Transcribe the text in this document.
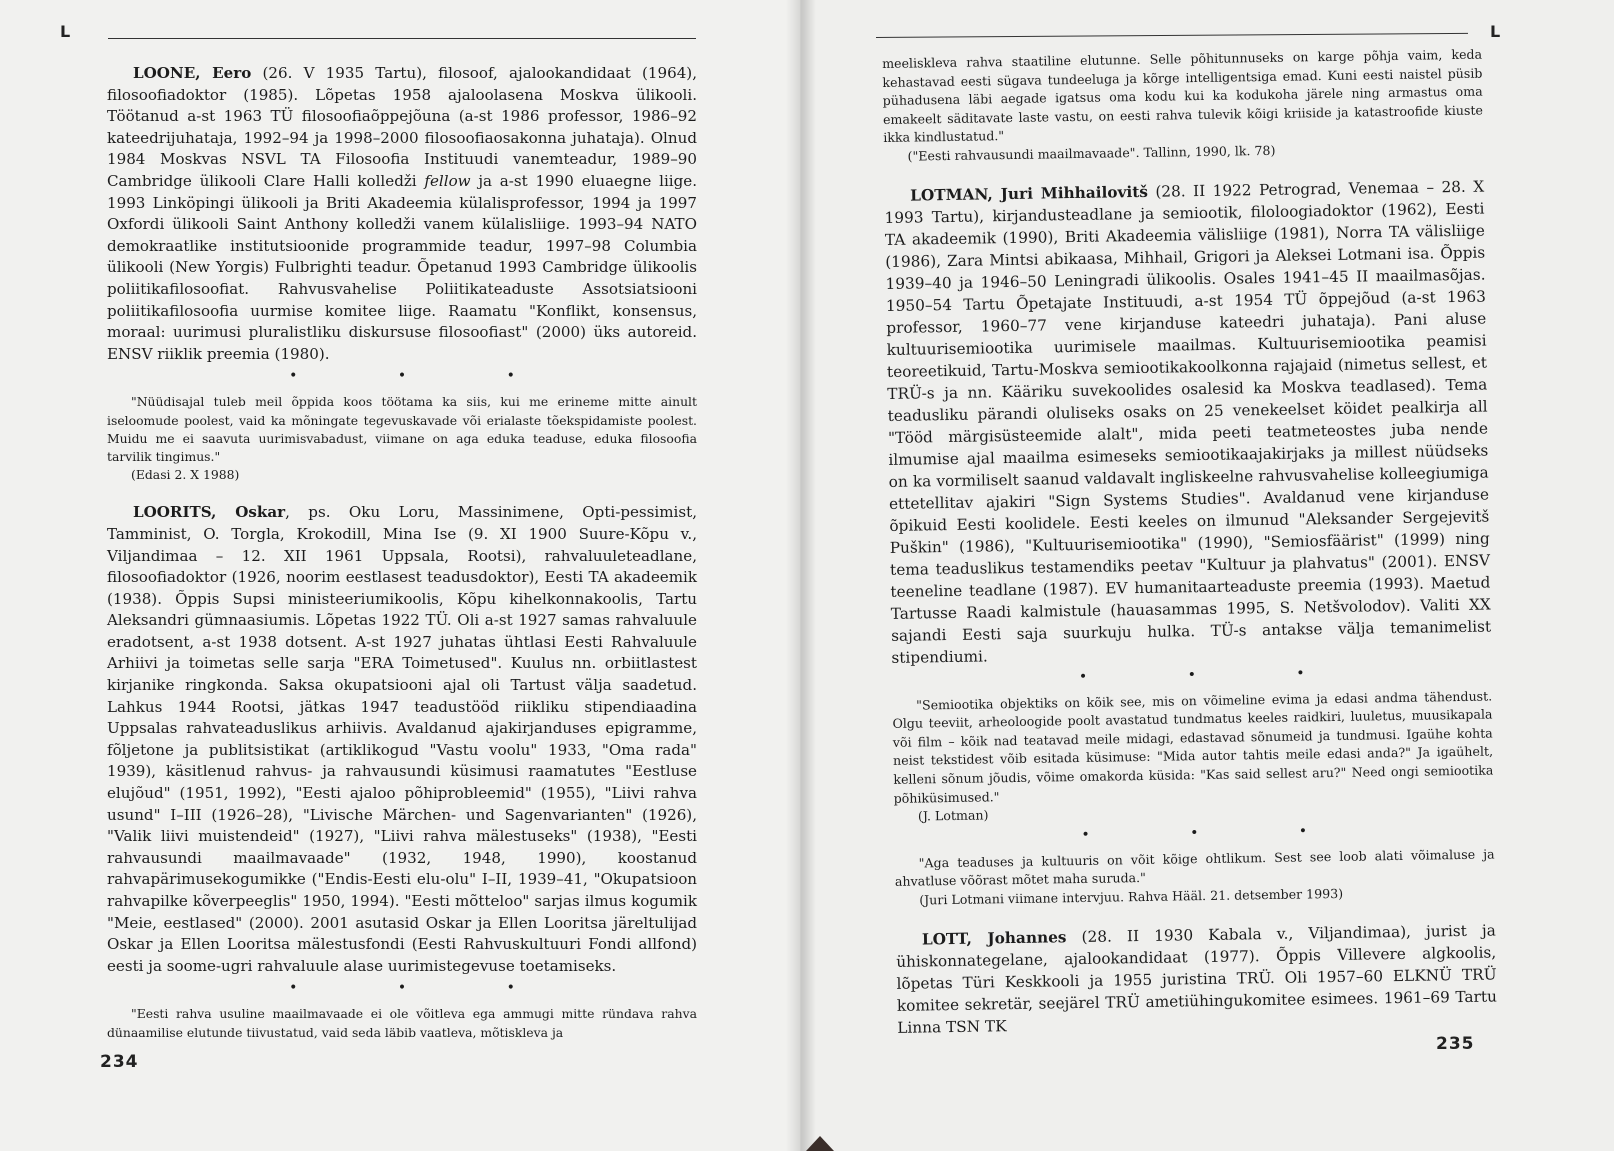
L

LOONE, Eero (26. V 1935 Tartu), filosoof, ajalookandidaat (1964), filosoofiadoktor (1985). Lõpetas 1958 ajaloolasena Moskva ülikooli. Töötanud a-st 1963 TÜ filosoofiaõppejõuna (a-st 1986 professor, 1986–92 kateedrijuhataja, 1992–94 ja 1998–2000 filosoofiaosakonna juhataja). Olnud 1984 Moskvas NSVL TA Filosoofia Instituudi vanemteadur, 1989–90 Cambridge ülikooli Clare Halli kolledži fellow ja a-st 1990 eluaegne liige. 1993 Linköpingi ülikooli ja Briti Akadeemia külalisprofessor, 1994 ja 1997 Oxfordi ülikooli Saint Anthony kolledži vanem külalisliige. 1993–94 NATO demokraatlike institutsioonide programmide teadur, 1997–98 Columbia ülikooli (New Yorgis) Fulbrighti teadur. Õpetanud 1993 Cambridge ülikoolis poliitikafilosoofiat. Rahvusvahelise Poliitikateaduste Assotsiatsiooni poliitikafilosoofia uurmise komitee liige. Raamatu "Konflikt, konsensus, moraal: uurimusi pluralistliku diskursuse filosoofiast" (2000) üks autoreid. ENSV riiklik preemia (1980).

• • •

"Nüüdisajal tuleb meil õppida koos töötama ka siis, kui me erineme mitte ainult iseloomude poolest, vaid ka mõningate tegevuskavade või erialaste tõekspidamiste poolest. Muidu me ei saavuta uurimisvabadust, viimane on aga eduka teaduse, eduka filosoofia tarvilik tingimus."

(Edasi 2. X 1988)

LOORITS, Oskar, ps. Oku Loru, Massinimene, Opti-pessimist, Tamminist, O. Torgla, Krokodill, Mina Ise (9. XI 1900 Suure-Kõpu v., Viljandimaa – 12. XII 1961 Uppsala, Rootsi), rahvaluuleteadlane, filosoofiadoktor (1926, noorim eestlasest teadusdoktor), Eesti TA akadeemik (1938). Õppis Supsi ministeeriumikoolis, Kõpu kihelkonnakoolis, Tartu Aleksandri gümnaasiumis. Lõpetas 1922 TÜ. Oli a-st 1927 samas rahvaluule eradotsent, a-st 1938 dotsent. A-st 1927 juhatas ühtlasi Eesti Rahvaluule Arhiivi ja toimetas selle sarja "ERA Toimetused". Kuulus nn. orbiitlastest kirjanike ringkonda. Saksa okupatsiooni ajal oli Tartust välja saadetud. Lahkus 1944 Rootsi, jätkas 1947 teadustööd riikliku stipendiaadina Uppsalas rahvateaduslikus arhiivis. Avaldanud ajakirjanduses epigramme, fõljetone ja publitsistikat (artiklikogud "Vastu voolu" 1933, "Oma rada" 1939), käsitlenud rahvus- ja rahvausundi küsimusi raamatutes "Eestluse elujõud" (1951, 1992), "Eesti ajaloo põhiprobleemid" (1955), "Liivi rahva usund" I–III (1926–28), "Livische Märchen- und Sagenvarianten" (1926), "Valik liivi muistendeid" (1927), "Liivi rahva mälestuseks" (1938), "Eesti rahvausundi maailmavaade" (1932, 1948, 1990), koostanud rahvapärimusekogumikke ("Endis-Eesti elu-olu" I–II, 1939–41, "Okupatsioon rahvapilke kõverpeeglis" 1950, 1994). "Eesti mõtteloo" sarjas ilmus kogumik "Meie, eestlased" (2000). 2001 asutasid Oskar ja Ellen Looritsa järeltulijad Oskar ja Ellen Looritsa mälestusfondi (Eesti Rahvuskultuuri Fondi allfond) eesti ja soome-ugri rahvaluule alase uurimistegevuse toetamiseks.

• • •

"Eesti rahva usuline maailmavaade ei ole võitleva ega ammugi mitte ründava rahva dünaamilise elutunde tiivustatud, vaid seda läbib vaatleva, mõtiskleva ja

234
L

meeliskleva rahva staatiline elutunne. Selle põhitunnuseks on karge põhja vaim, keda kehastavad eesti sügava tundeeluga ja kõrge intelligentsiga emad. Kuni eesti naistel püsib pühadusena läbi aegade igatsus oma kodu kui ka kodukoha järele ning armastus oma emakeelt säditavate laste vastu, on eesti rahva tulevik kõigi kriiside ja katastroofide kiuste ikka kindlustatud."

("Eesti rahvausundi maailmavaade". Tallinn, 1990, lk. 78)

LOTMAN, Juri Mihhailovitš (28. II 1922 Petrograd, Venemaa – 28. X 1993 Tartu), kirjandusteadlane ja semiootik, filoloogiadoktor (1962), Eesti TA akadeemik (1990), Briti Akadeemia välisliige (1981), Norra TA välisliige (1986), Zara Mintsi abikaasa, Mihhail, Grigori ja Aleksei Lotmani isa. Õppis 1939–40 ja 1946–50 Leningradi ülikoolis. Osales 1941–45 II maailmasõjas. 1950–54 Tartu Õpetajate Instituudi, a-st 1954 TÜ õppejõud (a-st 1963 professor, 1960–77 vene kirjanduse kateedri juhataja). Pani aluse kultuurisemiootika uurimisele maailmas. Kultuurisemiootika peamisi teoreetikuid, Tartu-Moskva semiootikakoolkonna rajajaid (nimetus sellest, et TRÜ-s ja nn. Kääriku suvekoolides osalesid ka Moskva teadlased). Tema teadusliku pärandi oluliseks osaks on 25 venekeelset köidet pealkirja all "Tööd märgisüsteemide alalt", mida peeti teatmeteostes juba nende ilmumise ajal maailma esimeseks semiootikaajakirjaks ja millest nüüdseks on ka vormiliselt saanud valdavalt ingliskeelne rahvusvahelise kolleegiumiga ettetellitav ajakiri "Sign Systems Studies". Avaldanud vene kirjanduse õpikuid Eesti koolidele. Eesti keeles on ilmunud "Aleksander Sergejevitš Puškin" (1986), "Kultuurisemiootika" (1990), "Semiosfäärist" (1999) ning tema teaduslikus testamendiks peetav "Kultuur ja plahvatus" (2001). ENSV teeneline teadlane (1987). EV humanitaarteaduste preemia (1993). Maetud Tartusse Raadi kalmistule (hauasammas 1995, S. Netšvolodov). Valiti XX sajandi Eesti saja suurkuju hulka. TÜ-s antakse välja temanimelist stipendiumi.

• • •

"Semiootika objektiks on kõik see, mis on võimeline evima ja edasi andma tähendust. Olgu teeviit, arheoloogide poolt avastatud tundmatus keeles raidkiri, luuletus, muusikapala või film – kõik nad teatavad meile midagi, edastavad sõnumeid ja tundmusi. Igaühe kohta neist tekstidest võib esitada küsimuse: "Mida autor tahtis meile edasi anda?" Ja igaühelt, kelleni sõnum jõudis, võime omakorda küsida: "Kas said sellest aru?" Need ongi semiootika põhiküsimused."

(J. Lotman)

• • •

"Aga teaduses ja kultuuris on võit kõige ohtlikum. Sest see loob alati võimaluse ja ahvatluse võõrast mõtet maha suruda."

(Juri Lotmani viimane intervjuu. Rahva Hääl. 21. detsember 1993)

LOTT, Johannes (28. II 1930 Kabala v., Viljandimaa), jurist ja ühiskonnategelane, ajalookandidaat (1977). Õppis Villevere algkoolis, lõpetas Türi Keskkooli ja 1955 juristina TRÜ. Oli 1957–60 ELKNÜ TRÜ komitee sekretär, seejärel TRÜ ametiühingukomitee esimees. 1961–69 Tartu Linna TSN TK

235
